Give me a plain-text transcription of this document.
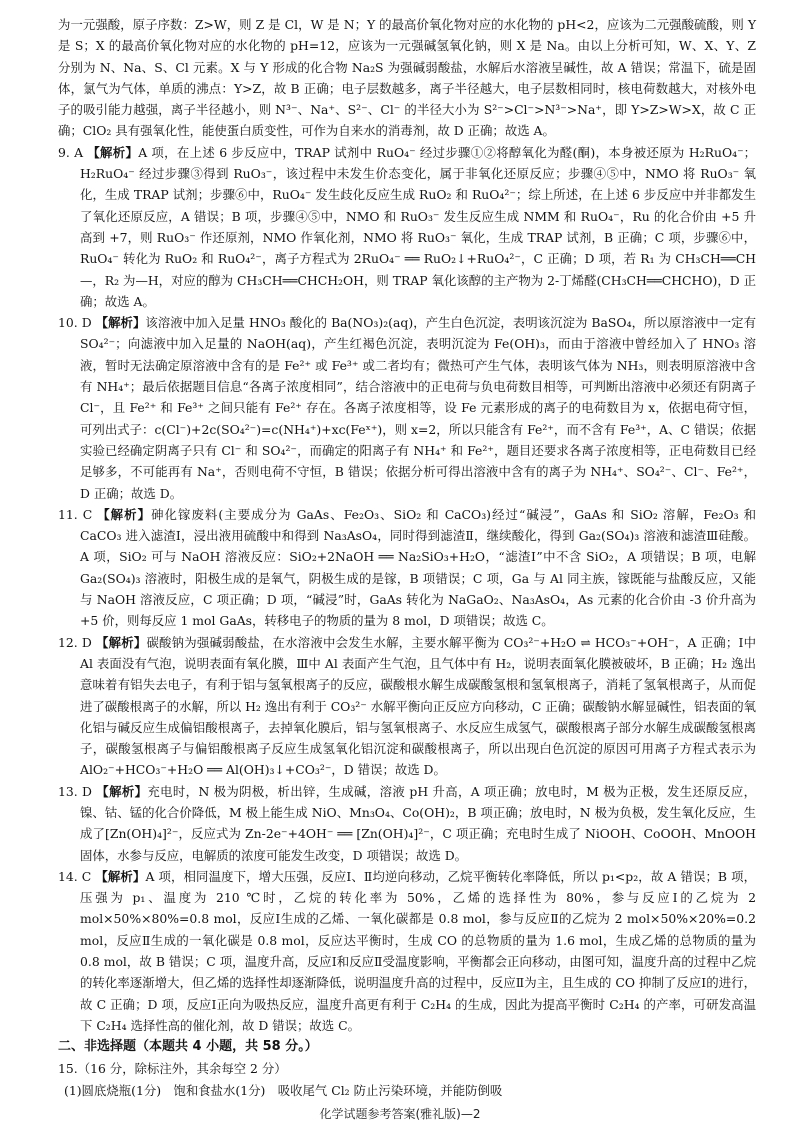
为一元强酸，原子序数：Z>W，则 Z 是 Cl，W 是 N；Y 的最高价氧化物对应的水化物的 pH<2，应该为二元强酸硫酸，则 Y 是 S；X 的最高价氧化物对应的水化物的 pH=12，应该为一元强碱氢氧化钠，则 X 是 Na。由以上分析可知，W、X、Y、Z 分别为 N、Na、S、Cl 元素。X 与 Y 形成的化合物 Na₂S 为强碱弱酸盐，水解后水溶液呈碱性，故 A 错误；常温下，硫是固体，氯气为气体，单质的沸点：Y>Z，故 B 正确；电子层数越多，离子半径越大，电子层数相同时，核电荷数越大，对核外电子的吸引能力越强，离子半径越小，则 N³⁻、Na⁺、S²⁻、Cl⁻ 的半径大小为 S²⁻>Cl⁻>N³⁻>Na⁺，即 Y>Z>W>X，故 C 正确；ClO₂ 具有强氧化性，能使蛋白质变性，可作为自来水的消毒剂，故 D 正确；故选 A。

9. A 【解析】A 项，在上述 6 步反应中，TRAP 试剂中 RuO₄⁻ 经过步骤①②将醇氧化为醛(酮)，本身被还原为 H₂RuO₄⁻；H₂RuO₄⁻ 经过步骤③得到 RuO₃⁻，该过程中未发生价态变化，属于非氧化还原反应；步骤④⑤中，NMO 将 RuO₃⁻ 氧化，生成 TRAP 试剂；步骤⑥中，RuO₄⁻ 发生歧化反应生成 RuO₂ 和 RuO₄²⁻；综上所述，在上述 6 步反应中并非都发生了氧化还原反应，A 错误；B 项，步骤④⑤中，NMO 和 RuO₃⁻ 发生反应生成 NMM 和 RuO₄⁻，Ru 的化合价由 +5 升高到 +7，则 RuO₃⁻ 作还原剂，NMO 作氧化剂，NMO 将 RuO₃⁻ 氧化，生成 TRAP 试剂，B 正确；C 项，步骤⑥中，RuO₄⁻ 转化为 RuO₂ 和 RuO₄²⁻，离子方程式为 2RuO₄⁻ ══ RuO₂↓+RuO₄²⁻，C 正确；D 项，若 R₁ 为 CH₃CH══CH—，R₂ 为—H，对应的醇为 CH₃CH══CHCH₂OH，则 TRAP 氧化该醇的主产物为 2-丁烯醛(CH₃CH══CHCHO)，D 正确；故选 A。

10. D 【解析】该溶液中加入足量 HNO₃ 酸化的 Ba(NO₃)₂(aq)，产生白色沉淀，表明该沉淀为 BaSO₄，所以原溶液中一定有 SO₄²⁻；向滤液中加入足量的 NaOH(aq)，产生红褐色沉淀，表明沉淀为 Fe(OH)₃，而由于溶液中曾经加入了 HNO₃ 溶液，暂时无法确定原溶液中含有的是 Fe²⁺ 或 Fe³⁺ 或二者均有；微热可产生气体，表明该气体为 NH₃，则表明原溶液中含有 NH₄⁺；最后依据题目信息“各离子浓度相同”，结合溶液中的正电荷与负电荷数目相等，可判断出溶液中必须还有阴离子 Cl⁻，且 Fe²⁺ 和 Fe³⁺ 之间只能有 Fe²⁺ 存在。各离子浓度相等，设 Fe 元素形成的离子的电荷数目为 x，依据电荷守恒，可列出式子：c(Cl⁻)+2c(SO₄²⁻)=c(NH₄⁺)+xc(Feˣ⁺)，则 x=2，所以只能含有 Fe²⁺，而不含有 Fe³⁺，A、C 错误；依据实验已经确定阴离子只有 Cl⁻ 和 SO₄²⁻，而确定的阳离子有 NH₄⁺ 和 Fe²⁺，题目还要求各离子浓度相等，正电荷数目已经足够多，不可能再有 Na⁺，否则电荷不守恒，B 错误；依据分析可得出溶液中含有的离子为 NH₄⁺、SO₄²⁻、Cl⁻、Fe²⁺，D 正确；故选 D。

11. C 【解析】砷化镓废料(主要成分为 GaAs、Fe₂O₃、SiO₂ 和 CaCO₃)经过“碱浸”，GaAs 和 SiO₂ 溶解，Fe₂O₃ 和 CaCO₃ 进入滤渣Ⅰ，浸出液用硫酸中和得到 Na₃AsO₄，同时得到滤渣Ⅱ，继续酸化，得到 Ga₂(SO₄)₃ 溶液和滤渣Ⅲ硅酸。A 项，SiO₂ 可与 NaOH 溶液反应：SiO₂+2NaOH ══ Na₂SiO₃+H₂O，“滤渣Ⅰ”中不含 SiO₂，A 项错误；B 项，电解 Ga₂(SO₄)₃ 溶液时，阳极生成的是氧气，阴极生成的是镓，B 项错误；C 项，Ga 与 Al 同主族，镓既能与盐酸反应，又能与 NaOH 溶液反应，C 项正确；D 项，“碱浸”时，GaAs 转化为 NaGaO₂、Na₃AsO₄，As 元素的化合价由 -3 价升高为 +5 价，则每反应 1 mol GaAs，转移电子的物质的量为 8 mol，D 项错误；故选 C。

12. D 【解析】碳酸钠为强碱弱酸盐，在水溶液中会发生水解，主要水解平衡为 CO₃²⁻+H₂O ⇌ HCO₃⁻+OH⁻，A 正确；Ⅰ中 Al 表面没有气泡，说明表面有氧化膜，Ⅲ中 Al 表面产生气泡，且气体中有 H₂，说明表面氧化膜被破坏，B 正确；H₂ 逸出意味着有铝失去电子，有利于铝与氢氧根离子的反应，碳酸根水解生成碳酸氢根和氢氧根离子，消耗了氢氧根离子，从而促进了碳酸根离子的水解，所以 H₂ 逸出有利于 CO₃²⁻ 水解平衡向正反应方向移动，C 正确；碳酸钠水解显碱性，铝表面的氧化铝与碱反应生成偏铝酸根离子，去掉氧化膜后，铝与氢氧根离子、水反应生成氢气，碳酸根离子部分水解生成碳酸氢根离子，碳酸氢根离子与偏铝酸根离子反应生成氢氧化铝沉淀和碳酸根离子，所以出现白色沉淀的原因可用离子方程式表示为 AlO₂⁻+HCO₃⁻+H₂O ══ Al(OH)₃↓+CO₃²⁻，D 错误；故选 D。

13. D 【解析】充电时，N 极为阴极，析出锌，生成碱，溶液 pH 升高，A 项正确；放电时，M 极为正极，发生还原反应，镍、钴、锰的化合价降低，M 极上能生成 NiO、Mn₃O₄、Co(OH)₂，B 项正确；放电时，N 极为负极，发生氧化反应，生成了[Zn(OH)₄]²⁻，反应式为 Zn-2e⁻+4OH⁻ ══ [Zn(OH)₄]²⁻，C 项正确；充电时生成了 NiOOH、CoOOH、MnOOH 固体，水参与反应，电解质的浓度可能发生改变，D 项错误；故选 D。

14. C 【解析】A 项，相同温度下，增大压强，反应Ⅰ、Ⅱ均逆向移动，乙烷平衡转化率降低，所以 p₁<p₂，故 A 错误；B 项，压强为 p₁、温度为 210 ℃时，乙烷的转化率为 50%，乙烯的选择性为 80%，参与反应Ⅰ的乙烷为 2 mol×50%×80%=0.8 mol，反应Ⅰ生成的乙烯、一氧化碳都是 0.8 mol，参与反应Ⅱ的乙烷为 2 mol×50%×20%=0.2 mol，反应Ⅱ生成的一氧化碳是 0.8 mol，反应达平衡时，生成 CO 的总物质的量为 1.6 mol，生成乙烯的总物质的量为 0.8 mol，故 B 错误；C 项，温度升高，反应Ⅰ和反应Ⅱ受温度影响，平衡都会正向移动，由图可知，温度升高的过程中乙烷的转化率逐渐增大，但乙烯的选择性却逐渐降低，说明温度升高的过程中，反应Ⅱ为主，且生成的 CO 抑制了反应Ⅰ的进行，故 C 正确；D 项，反应Ⅰ正向为吸热反应，温度升高更有利于 C₂H₄ 的生成，因此为提高平衡时 C₂H₄ 的产率，可研发高温下 C₂H₄ 选择性高的催化剂，故 D 错误；故选 C。

二、非选择题（本题共 4 小题，共 58 分。）

15.（16 分，除标注外，其余每空 2 分）

(1)圆底烧瓶(1分)　饱和食盐水(1分)　吸收尾气 Cl₂ 防止污染环境，并能防倒吸

化学试题参考答案(雅礼版)—2
